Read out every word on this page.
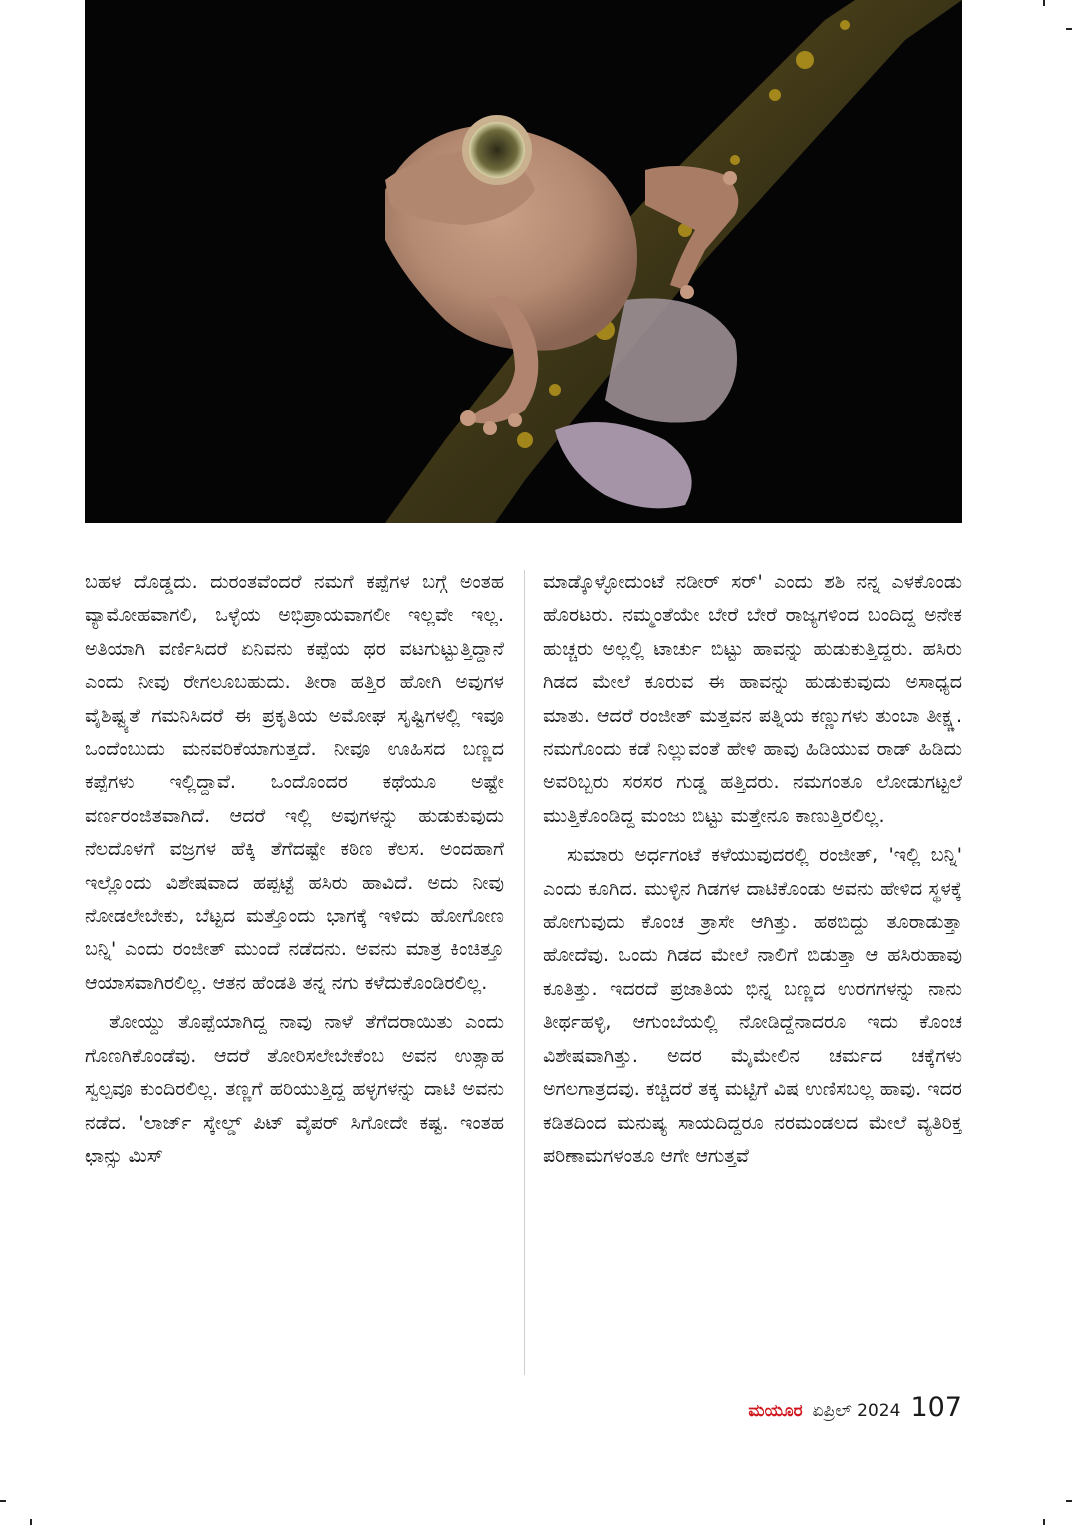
ಬಹಳ ದೊಡ್ಡದು. ದುರಂತವೆಂದರೆ ನಮಗೆ ಕಪ್ಪೆಗಳ ಬಗ್ಗೆ ಅಂತಹ ವ್ಯಾಮೋಹವಾಗಲಿ, ಒಳ್ಳೆಯ ಅಭಿಪ್ರಾಯವಾಗಲೀ ಇಲ್ಲವೇ ಇಲ್ಲ. ಅತಿಯಾಗಿ ವರ್ಣಿಸಿದರೆ ಏನಿವನು ಕಪ್ಪೆಯ ಥರ ವಟಗುಟ್ಟುತ್ತಿದ್ದಾನೆ ಎಂದು ನೀವು ರೇಗಲೂಬಹುದು. ತೀರಾ ಹತ್ತಿರ ಹೋಗಿ ಅವುಗಳ ವೈಶಿಷ್ಟ್ಯತೆ ಗಮನಿಸಿದರೆ ಈ ಪ್ರಕೃತಿಯ ಅಮೋಘ ಸೃಷ್ಟಿಗಳಲ್ಲಿ ಇವೂ ಒಂದೆಂಬುದು ಮನವರಿಕೆಯಾಗುತ್ತದೆ. ನೀವೂ ಊಹಿಸದ ಬಣ್ಣದ ಕಪ್ಪೆಗಳು ಇಲ್ಲಿದ್ದಾವೆ. ಒಂದೊಂದರ ಕಥೆಯೂ ಅಷ್ಟೇ ವರ್ಣರಂಜಿತವಾಗಿದೆ. ಆದರೆ ಇಲ್ಲಿ ಅವುಗಳನ್ನು ಹುಡುಕುವುದು ನೆಲದೊಳಗೆ ವಜ್ರಗಳ ಹೆಕ್ಕಿ ತೆಗೆದಷ್ಟೇ ಕಠಿಣ ಕೆಲಸ. ಅಂದಹಾಗೆ ಇಲ್ಲೊಂದು ವಿಶೇಷವಾದ ಹಪ್ಪಟ್ಟೆ ಹಸಿರು ಹಾವಿದೆ. ಅದು ನೀವು ನೋಡಲೇಬೇಕು, ಬೆಟ್ಟದ ಮತ್ತೊಂದು ಭಾಗಕ್ಕೆ ಇಳಿದು ಹೋಗೋಣ ಬನ್ನಿ' ಎಂದು ರಂಜೀತ್ ಮುಂದೆ ನಡೆದನು. ಅವನು ಮಾತ್ರ ಕಿಂಚಿತ್ತೂ ಆಯಾಸವಾಗಿರಲಿಲ್ಲ. ಆತನ ಹೆಂಡತಿ ತನ್ನ ನಗು ಕಳೆದುಕೊಂಡಿರಲಿಲ್ಲ.

ತೋಯ್ದು ತೊಪ್ಪೆಯಾಗಿದ್ದ ನಾವು ನಾಳೆ ತೆಗೆದರಾಯಿತು ಎಂದು ಗೊಣಗಿಕೊಂಡೆವು. ಆದರೆ ತೋರಿಸಲೇಬೇಕೆಂಬ ಅವನ ಉತ್ಸಾಹ ಸ್ವಲ್ಪವೂ ಕುಂದಿರಲಿಲ್ಲ. ತಣ್ಣಗೆ ಹರಿಯುತ್ತಿದ್ದ ಹಳ್ಳಗಳನ್ನು ದಾಟಿ ಅವನು ನಡೆದ. 'ಲಾರ್ಜ್ ಸ್ಕೇಲ್ಡ್ ಪಿಟ್ ವೈಪರ್ ಸಿಗೋದೇ ಕಷ್ಟ. ಇಂತಹ ಛಾನ್ಸು ಮಿಸ್

ಮಾಡ್ಕೊಳ್ಳೋದುಂಟೆ ನಡೀರ್ ಸರ್' ಎಂದು ಶಶಿ ನನ್ನ ಎಳಕೊಂಡು ಹೊರಟರು. ನಮ್ಮಂತೆಯೇ ಬೇರೆ ಬೇರೆ ರಾಜ್ಯಗಳಿಂದ ಬಂದಿದ್ದ ಅನೇಕ ಹುಚ್ಚರು ಅಲ್ಲಲ್ಲಿ ಟಾರ್ಚು ಬಿಟ್ಟು ಹಾವನ್ನು ಹುಡುಕುತ್ತಿದ್ದರು. ಹಸಿರು ಗಿಡದ ಮೇಲೆ ಕೂರುವ ಈ ಹಾವನ್ನು ಹುಡುಕುವುದು ಅಸಾಧ್ಯದ ಮಾತು. ಆದರೆ ರಂಜೀತ್ ಮತ್ತವನ ಪತ್ನಿಯ ಕಣ್ಣುಗಳು ತುಂಬಾ ತೀಕ್ಷ್ಣ. ನಮಗೊಂದು ಕಡೆ ನಿಲ್ಲುವಂತೆ ಹೇಳಿ ಹಾವು ಹಿಡಿಯುವ ರಾಡ್ ಹಿಡಿದು ಅವರಿಬ್ಬರು ಸರಸರ ಗುಡ್ಡ ಹತ್ತಿದರು. ನಮಗಂತೂ ಲೋಡುಗಟ್ಟಲೆ ಮುತ್ತಿಕೊಂಡಿದ್ದ ಮಂಜು ಬಿಟ್ಟು ಮತ್ತೇನೂ ಕಾಣುತ್ತಿರಲಿಲ್ಲ.

ಸುಮಾರು ಅರ್ಧಗಂಟೆ ಕಳೆಯುವುದರಲ್ಲಿ ರಂಜೀತ್, 'ಇಲ್ಲಿ ಬನ್ನಿ' ಎಂದು ಕೂಗಿದ. ಮುಳ್ಳಿನ ಗಿಡಗಳ ದಾಟಿಕೊಂಡು ಅವನು ಹೇಳಿದ ಸ್ಥಳಕ್ಕೆ ಹೋಗುವುದು ಕೊಂಚ ತ್ರಾಸೇ ಆಗಿತ್ತು. ಹಠಬಿದ್ದು ತೂರಾಡುತ್ತಾ ಹೋದೆವು. ಒಂದು ಗಿಡದ ಮೇಲೆ ನಾಲಿಗೆ ಬಿಡುತ್ತಾ ಆ ಹಸಿರುಹಾವು ಕೂತಿತ್ತು. ಇದರದೆ ಪ್ರಜಾತಿಯ ಭಿನ್ನ ಬಣ್ಣದ ಉರಗಗಳನ್ನು ನಾನು ತೀರ್ಥಹಳ್ಳಿ, ಆಗುಂಬೆಯಲ್ಲಿ ನೋಡಿದ್ದೆನಾದರೂ ಇದು ಕೊಂಚ ವಿಶೇಷವಾಗಿತ್ತು. ಅದರ ಮೈಮೇಲಿನ ಚರ್ಮದ ಚಕ್ಕೆಗಳು ಅಗಲಗಾತ್ರದವು. ಕಚ್ಚಿದರೆ ತಕ್ಕ ಮಟ್ಟಿಗೆ ವಿಷ ಉಣಿಸಬಲ್ಲ ಹಾವು. ಇದರ ಕಡಿತದಿಂದ ಮನುಷ್ಯ ಸಾಯದಿದ್ದರೂ ನರಮಂಡಲದ ಮೇಲೆ ವ್ಯತಿರಿಕ್ತ ಪರಿಣಾಮಗಳಂತೂ ಆಗೇ ಆಗುತ್ತವೆ

ಮಯೂರ ಏಪ್ರಿಲ್ 2024 107
